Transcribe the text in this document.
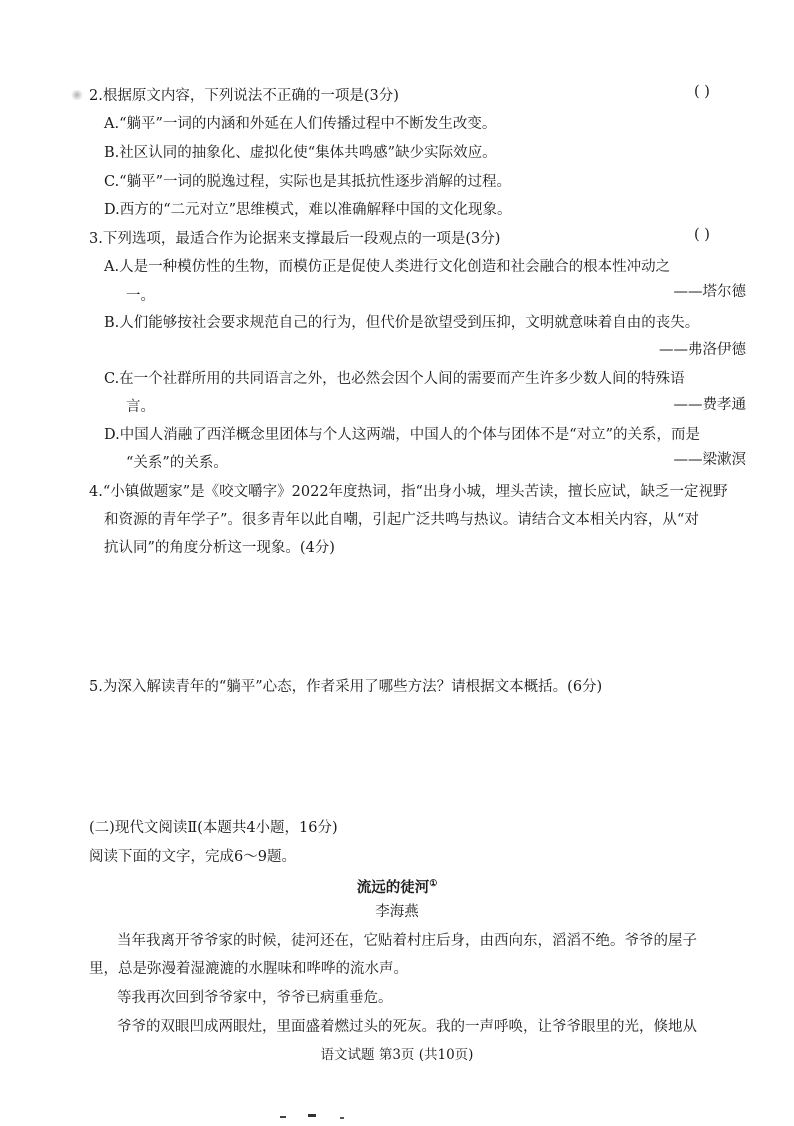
2.根据原文内容，下列说法不正确的一项是(3分)	( )
A.“躺平”一词的内涵和外延在人们传播过程中不断发生改变。
B.社区认同的抽象化、虚拟化使“集体共鸣感”缺少实际效应。
C.“躺平”一词的脱逸过程，实际也是其抵抗性逐步消解的过程。
D.西方的“二元对立”思维模式，难以准确解释中国的文化现象。
3.下列选项，最适合作为论据来支撑最后一段观点的一项是(3分)	( )
A.人是一种模仿性的生物，而模仿正是促使人类进行文化创造和社会融合的根本性冲动之
一。	——塔尔德
B.人们能够按社会要求规范自己的行为，但代价是欲望受到压抑，文明就意味着自由的丧失。
——弗洛伊德
C.在一个社群所用的共同语言之外，也必然会因个人间的需要而产生许多少数人间的特殊语
言。	——费孝通
D.中国人消融了西洋概念里团体与个人这两端，中国人的个体与团体不是“对立”的关系，而是
“关系”的关系。	——梁漱溟
4.“小镇做题家”是《咬文嚼字》2022年度热词，指“出身小城，埋头苦读，擅长应试，缺乏一定视野
和资源的青年学子”。很多青年以此自嘲，引起广泛共鸣与热议。请结合文本相关内容，从“对
抗认同”的角度分析这一现象。(4分)
5.为深入解读青年的“躺平”心态，作者采用了哪些方法？请根据文本概括。(6分)
(二)现代文阅读Ⅱ(本题共4小题，16分)
阅读下面的文字，完成6～9题。
流远的徒河①
李海燕
当年我离开爷爷家的时候，徒河还在，它贴着村庄后身，由西向东，滔滔不绝。爷爷的屋子
里，总是弥漫着湿漉漉的水腥味和哗哗的流水声。
等我再次回到爷爷家中，爷爷已病重垂危。
爷爷的双眼凹成两眼灶，里面盛着燃过头的死灰。我的一声呼唤，让爷爷眼里的光，倏地从
语文试题 第3页 (共10页)
